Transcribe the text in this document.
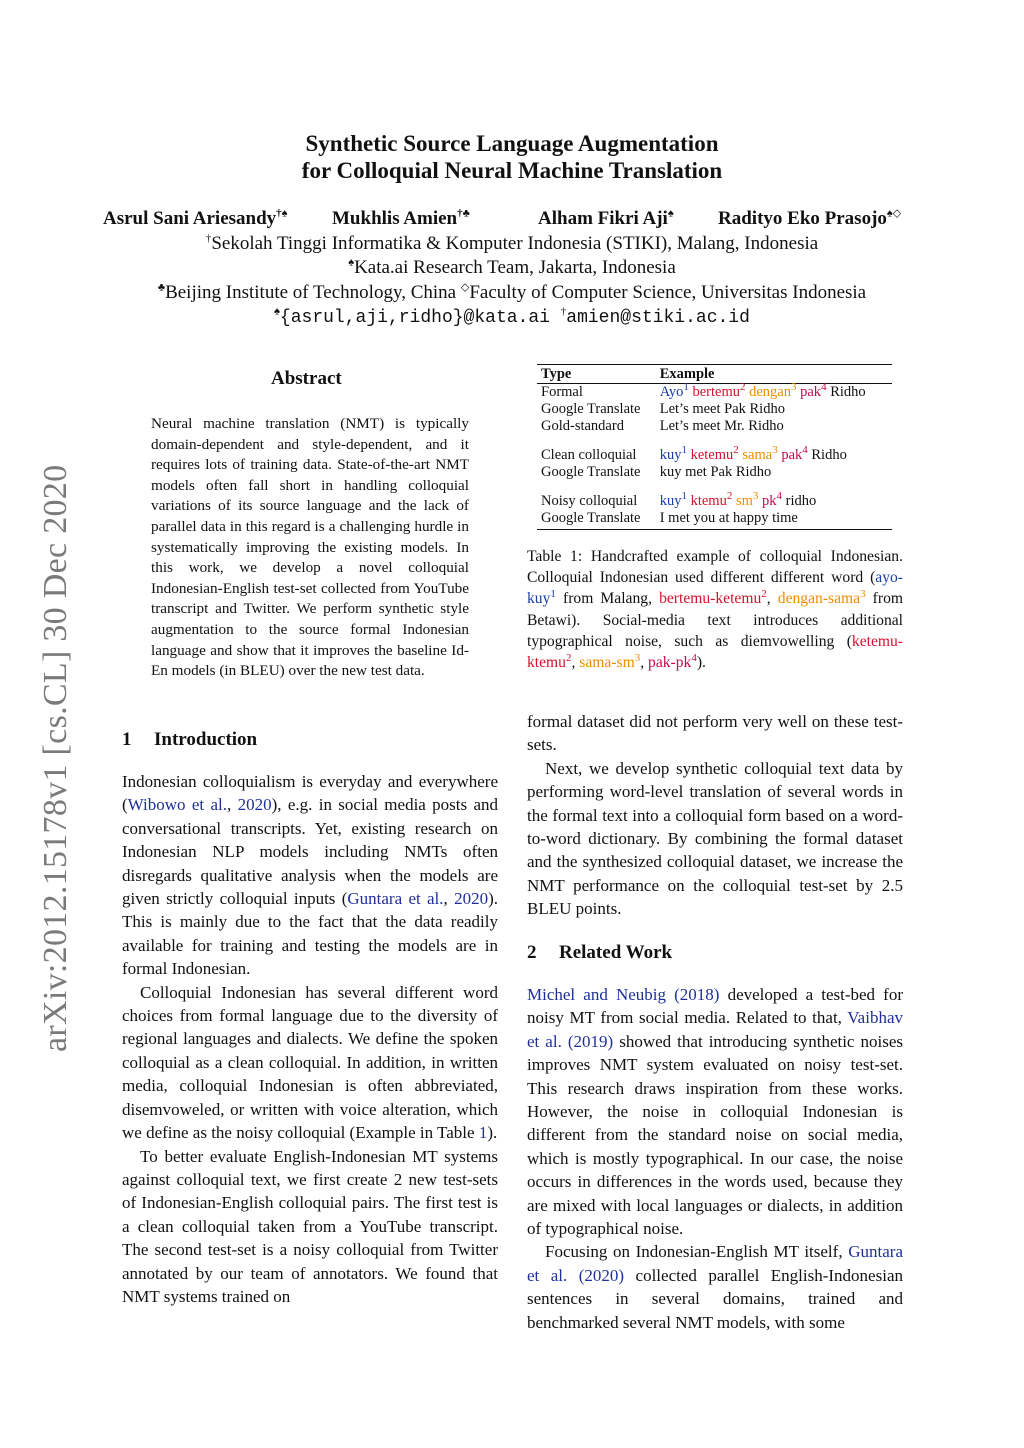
arXiv:2012.15178v1 [cs.CL] 30 Dec 2020
Synthetic Source Language Augmentation
for Colloquial Neural Machine Translation
Asrul Sani Ariesandy†♠ Mukhlis Amien†♣	Alham Fikri Aji♠ Radityo Eko Prasojo♠◇
†Sekolah Tinggi Informatika & Komputer Indonesia (STIKI), Malang, Indonesia
♠Kata.ai Research Team, Jakarta, Indonesia
♣Beijing Institute of Technology, China ◇Faculty of Computer Science, Universitas Indonesia
♠{asrul,aji,ridho}@kata.ai †amien@stiki.ac.id
Abstract
Neural machine translation (NMT) is typically domain-dependent and style-dependent, and it requires lots of training data. State-of-the-art NMT models often fall short in handling colloquial variations of its source language and the lack of parallel data in this regard is a challenging hurdle in systematically improving the existing models. In this work, we develop a novel colloquial Indonesian-English test-set collected from YouTube transcript and Twitter. We perform synthetic style augmentation to the source formal Indonesian language and show that it improves the baseline Id-En models (in BLEU) over the new test data.
1 Introduction

Indonesian colloquialism is everyday and everywhere (Wibowo et al., 2020), e.g. in social media posts and conversational transcripts. Yet, existing research on Indonesian NLP models including NMTs often disregards qualitative analysis when the models are given strictly colloquial inputs (Guntara et al., 2020). This is mainly due to the fact that the data readily available for training and testing the models are in formal Indonesian.

Colloquial Indonesian has several different word choices from formal language due to the diversity of regional languages and dialects. We define the spoken colloquial as a clean colloquial. In addition, in written media, colloquial Indonesian is often abbreviated, disemvoweled, or written with voice alteration, which we define as the noisy colloquial (Example in Table 1).

To better evaluate English-Indonesian MT systems against colloquial text, we first create 2 new test-sets of Indonesian-English colloquial pairs. The first test is a clean colloquial taken from a YouTube transcript. The second test-set is a noisy colloquial from Twitter annotated by our team of annotators. We found that NMT systems trained on

Type	Example
Formal	Ayo$^1$ bertemu$^2$ dengan$^3$ pak$^4$ Ridho
Google Translate	Let’s meet Pak Ridho
Gold-standard	Let’s meet Mr. Ridho
Clean colloquial	kuy$^1$ ketemu$^2$ sama$^3$ pak$^4$ Ridho
Google Translate	kuy met Pak Ridho
Noisy colloquial	kuy$^1$ ktemu$^2$ $sm^3$ $pk^4$ ridho
Google Translate	I met you at happy time
Table 1: Handcrafted example of colloquial Indonesian. Colloquial Indonesian used different different word (ayo-kuy$^1$ from Malang, bertemu-ketemu$^2$, dengan-sama$^3$ from Betawi). Social-media text introduces additional typographical noise, such as diemvowelling (ketemu-ktemu$^2$, sama-$sm^3$, pak-$pk^4$).

formal dataset did not perform very well on these test-sets.

Next, we develop synthetic colloquial text data by performing word-level translation of several words in the formal text into a colloquial form based on a word-to-word dictionary. By combining the formal dataset and the synthesized colloquial dataset, we increase the NMT performance on the colloquial test-set by 2.5 BLEU points.

2 Related Work

Michel and Neubig (2018) developed a test-bed for noisy MT from social media. Related to that, Vaibhav et al. (2019) showed that introducing synthetic noises improves NMT system evaluated on noisy test-set. This research draws inspiration from these works. However, the noise in colloquial Indonesian is different from the standard noise on social media, which is mostly typographical. In our case, the noise occurs in differences in the words used, because they are mixed with local languages or dialects, in addition of typographical noise.

Focusing on Indonesian-English MT itself, Guntara et al. (2020) collected parallel English-Indonesian sentences in several domains, trained and benchmarked several NMT models, with some
